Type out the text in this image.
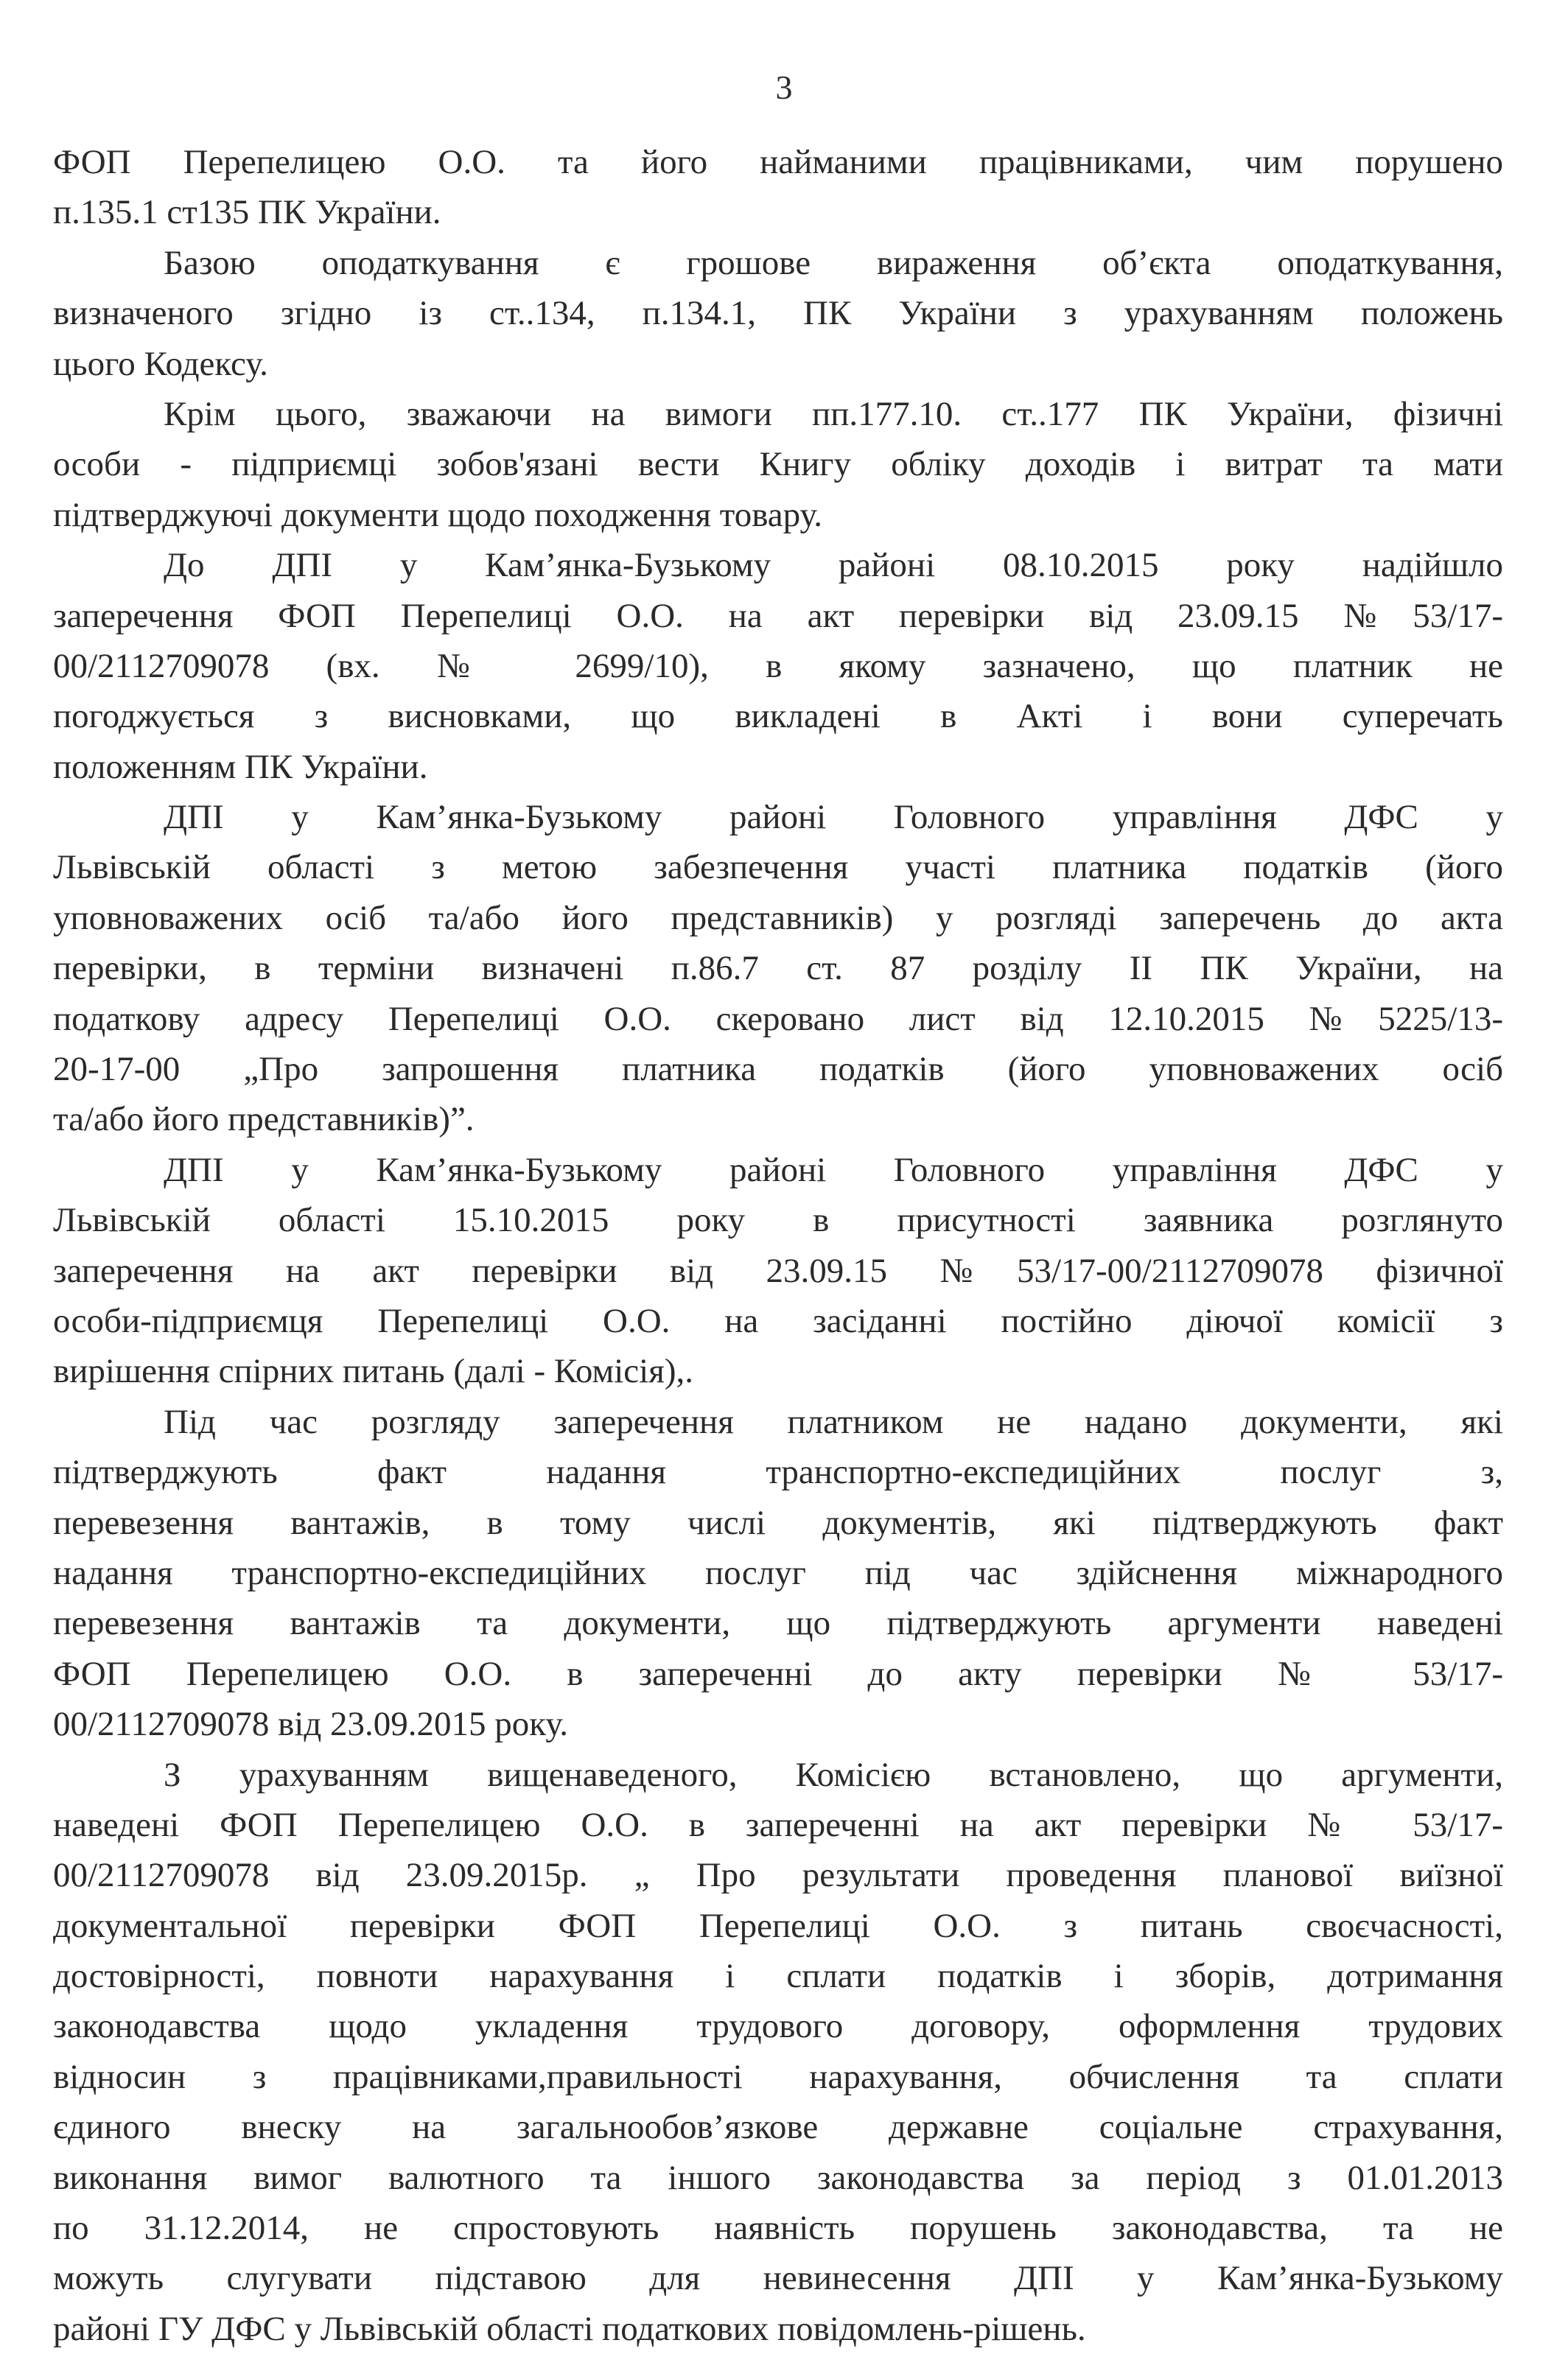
3
ФОП Перепелицею О.О. та його найманими працівниками, чим порушено
п.135.1 ст135 ПК України.
Базою оподаткування є грошове вираження об’єкта оподаткування,
визначеного згідно із ст..134, п.134.1, ПК України з урахуванням положень
цього Кодексу.
Крім цього, зважаючи на вимоги пп.177.10. ст..177 ПК України, фізичні
особи - підприємці зобов'язані вести Книгу обліку доходів і витрат та мати
підтверджуючі документи щодо походження товару.
До ДПІ у Кам’янка-Бузькому районі 08.10.2015 року надійшло
заперечення ФОП Перепелиці О.О. на акт перевірки від 23.09.15 №53/17-
00/2112709078 (вх. № 2699/10), в якому зазначено, що платник не
погоджується з висновками, що викладені в Акті і вони суперечать
положенням ПК України.
ДПІ у Кам’янка-Бузькому районі Головного управління ДФС у
Львівській області з метою забезпечення участі платника податків (його
уповноважених осіб та/або його представників) у розгляді заперечень до акта
перевірки, в терміни визначені п.86.7 ст. 87 розділу ІІ ПК України, на
податкову адресу Перепелиці О.О. скеровано лист від 12.10.2015 №5225/13-
20-17-00 „Про запрошення платника податків (його уповноважених осіб
та/або його представників)”.
ДПІ у Кам’янка-Бузькому районі Головного управління ДФС у
Львівській області 15.10.2015 року в присутності заявника розглянуто
заперечення на акт перевірки від 23.09.15 №53/17-00/2112709078 фізичної
особи-підприємця Перепелиці О.О. на засіданні постійно діючої комісії з
вирішення спірних питань (далі - Комісія),.
Під час розгляду заперечення платником не надано документи, які
підтверджують факт надання транспортно-експедиційних послуг з,
перевезення вантажів, в тому числі документів, які підтверджують факт
надання транспортно-експедиційних послуг під час здійснення міжнародного
перевезення вантажів та документи, що підтверджують аргументи наведені
ФОП Перепелицею О.О. в запереченні до акту перевірки № 53/17-
00/2112709078 від 23.09.2015 року.
З урахуванням вищенаведеного, Комісією встановлено, що аргументи,
наведені ФОП Перепелицею О.О. в запереченні на акт перевірки № 53/17-
00/2112709078 від 23.09.2015р. „ Про результати проведення планової виїзної
документальної перевірки ФОП Перепелиці О.О. з питань своєчасності,
достовірності, повноти нарахування і сплати податків і зборів, дотримання
законодавства щодо укладення трудового договору, оформлення трудових
відносин з працівниками,правильності нарахування, обчислення та сплати
єдиного внеску на загальнообов’язкове державне соціальне страхування,
виконання вимог валютного та іншого законодавства за період з 01.01.2013
по 31.12.2014, не спростовують наявність порушень законодавства, та не
можуть слугувати підставою для невинесення ДПІ у Кам’янка-Бузькому
районі ГУ ДФС у Львівській області податкових повідомлень-рішень.
